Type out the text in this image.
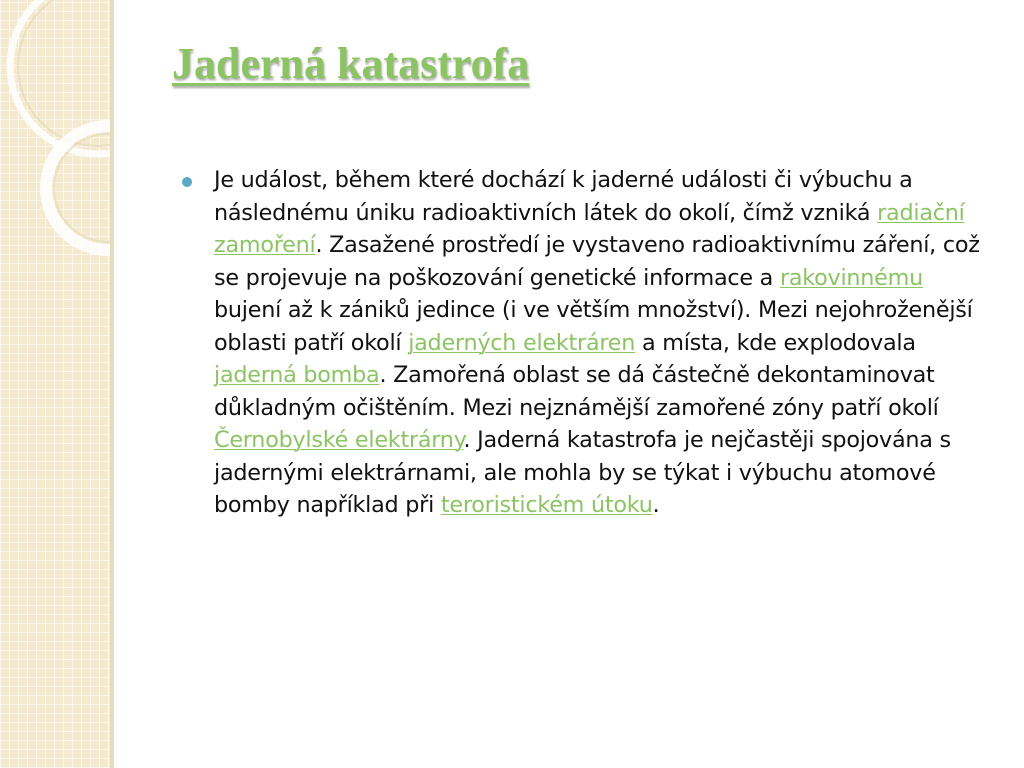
Jaderná katastrofa

Je událost, během které dochází k jaderné události či výbuchu a následnému úniku radioaktivních látek do okolí, čímž vzniká radiační zamoření. Zasažené prostředí je vystaveno radioaktivnímu záření, což se projevuje na poškozování genetické informace a rakovinnému bujení až k zániků jedince (i ve větším množství). Mezi nejohroženější oblasti patří okolí jaderných elektráren a místa, kde explodovala jaderná bomba. Zamořená oblast se dá částečně dekontaminovat důkladným očištěním. Mezi nejznámější zamořené zóny patří okolí Černobylské elektrárny. Jaderná katastrofa je nejčastěji spojována s jadernými elektrárnami, ale mohla by se týkat i výbuchu atomové bomby například při teroristickém útoku.
